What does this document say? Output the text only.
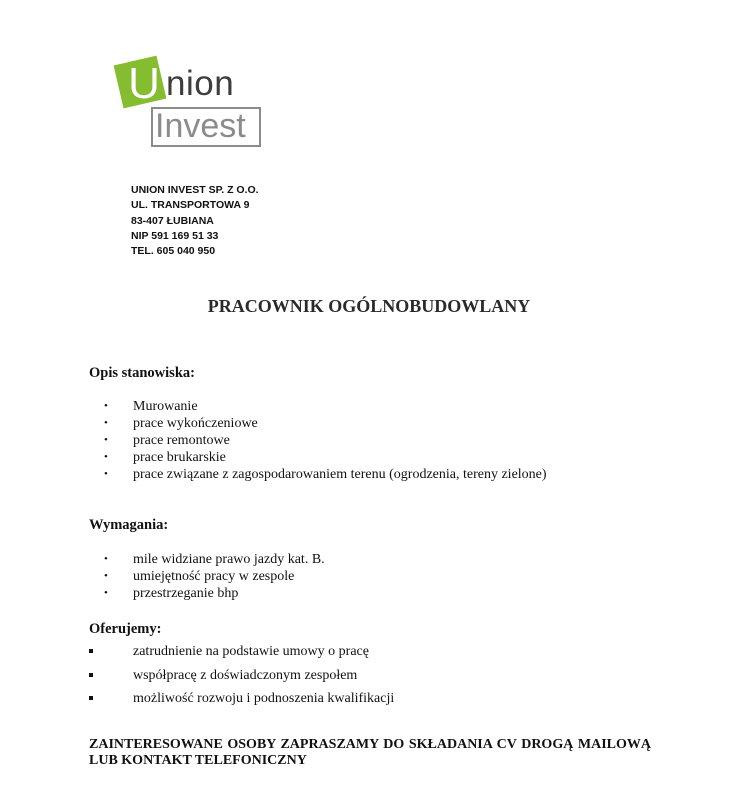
U nion
Invest
UNION INVEST SP. Z O.O.
UL. TRANSPORTOWA 9
83-407 ŁUBIANA
NIP 591 169 51 33
TEL. 605 040 950
PRACOWNIK OGÓLNOBUDOWLANY
Opis stanowiska:
• Murowanie
• prace wykończeniowe
• prace remontowe
• prace brukarskie
• prace związane z zagospodarowaniem terenu (ogrodzenia, tereny zielone)
Wymagania:
• mile widziane prawo jazdy kat. B.
• umiejętność pracy w zespole
• przestrzeganie bhp
Oferujemy:
zatrudnienie na podstawie umowy o pracę
współpracę z doświadczonym zespołem
możliwość rozwoju i podnoszenia kwalifikacji
ZAINTERESOWANE OSOBY ZAPRASZAMY DO SKŁADANIA CV DROGĄ MAILOWĄ LUB KONTAKT TELEFONICZNY
